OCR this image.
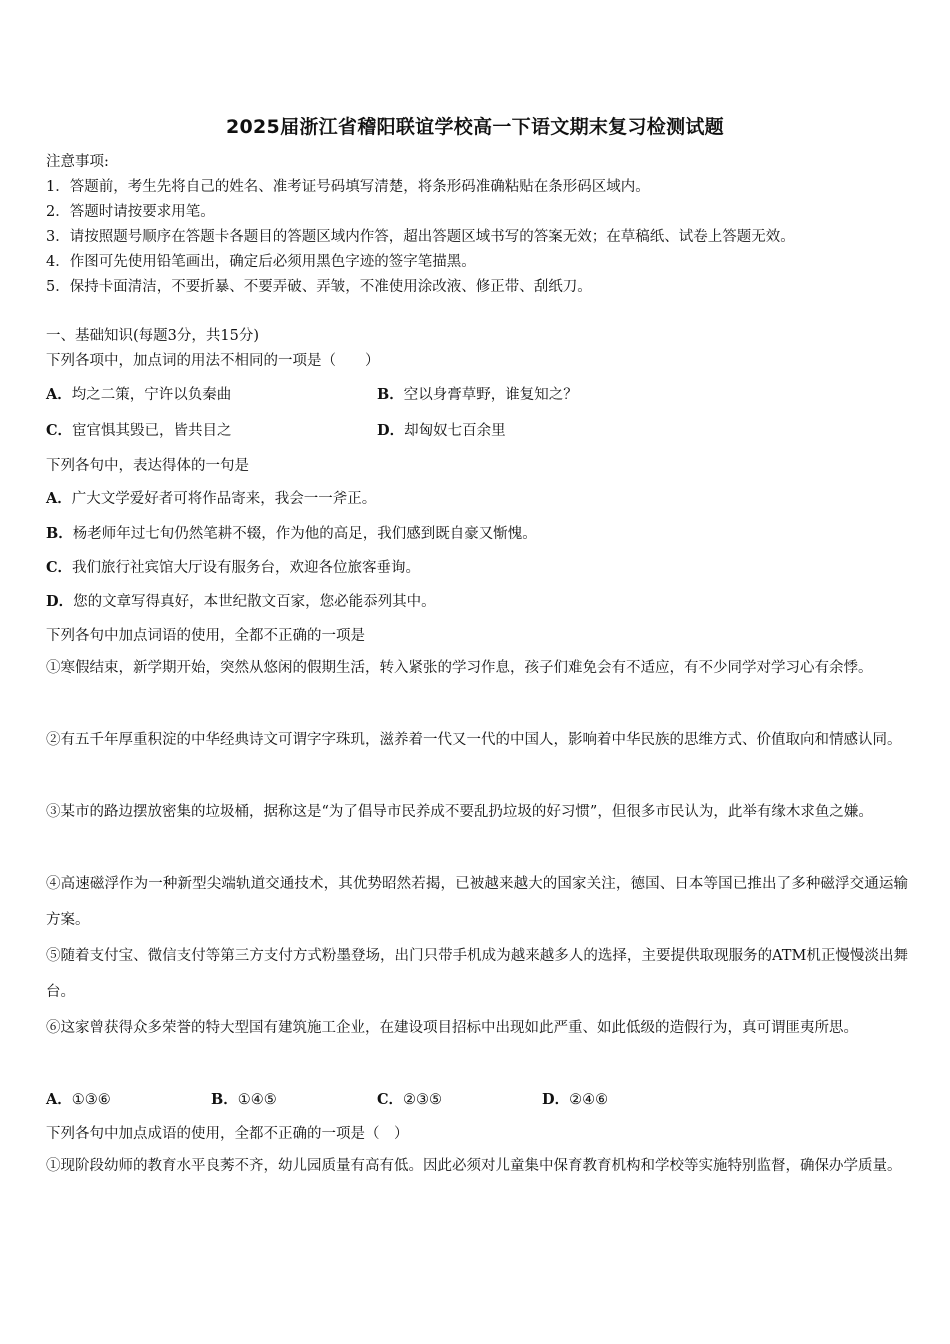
2025届浙江省稽阳联谊学校高一下语文期末复习检测试题
注意事项:
1．答题前，考生先将自己的姓名、准考证号码填写清楚，将条形码准确粘贴在条形码区域内。
2．答题时请按要求用笔。
3．请按照题号顺序在答题卡各题目的答题区域内作答，超出答题区域书写的答案无效；在草稿纸、试卷上答题无效。
4．作图可先使用铅笔画出，确定后必须用黑色字迹的签字笔描黑。
5．保持卡面清洁，不要折暴、不要弄破、弄皱，不准使用涂改液、修正带、刮纸刀。
一、基础知识(每题3分，共15分)
下列各项中，加点词的用法不相同的一项是（　　）
A．均之二策，宁许以负秦曲	B．空以身膏草野，谁复知之？
C．宦官惧其毁已，皆共目之	D．却匈奴七百余里
下列各句中，表达得体的一句是
A．广大文学爱好者可将作品寄来，我会一一斧正。
B．杨老师年过七旬仍然笔耕不辍，作为他的高足，我们感到既自豪又惭愧。
C．我们旅行社宾馆大厅设有服务台，欢迎各位旅客垂询。
D．您的文章写得真好，本世纪散文百家，您必能忝列其中。
下列各句中加点词语的使用，全都不正确的一项是
①寒假结束，新学期开始，突然从悠闲的假期生活，转入紧张的学习作息，孩子们难免会有不适应，有不少同学对学习心有余悸。
②有五千年厚重积淀的中华经典诗文可谓字字珠玑，滋养着一代又一代的中国人，影响着中华民族的思维方式、价值取向和情感认同。
③某市的路边摆放密集的垃圾桶，据称这是“为了倡导市民养成不要乱扔垃圾的好习惯”，但很多市民认为，此举有缘木求鱼之嫌。
④高速磁浮作为一种新型尖端轨道交通技术，其优势昭然若揭，已被越来越大的国家关注，德国、日本等国已推出了多种磁浮交通运输方案。
⑤随着支付宝、微信支付等第三方支付方式粉墨登场，出门只带手机成为越来越多人的选择，主要提供取现服务的ATM机正慢慢淡出舞台。
⑥这家曾获得众多荣誉的特大型国有建筑施工企业，在建设项目招标中出现如此严重、如此低级的造假行为，真可谓匪夷所思。
A．①③⑥	B．①④⑤	C．②③⑤	D．②④⑥
下列各句中加点成语的使用，全都不正确的一项是（　）
①现阶段幼师的教育水平良莠不齐，幼儿园质量有高有低。因此必须对儿童集中保育教育机构和学校等实施特别监督，确保办学质量。
